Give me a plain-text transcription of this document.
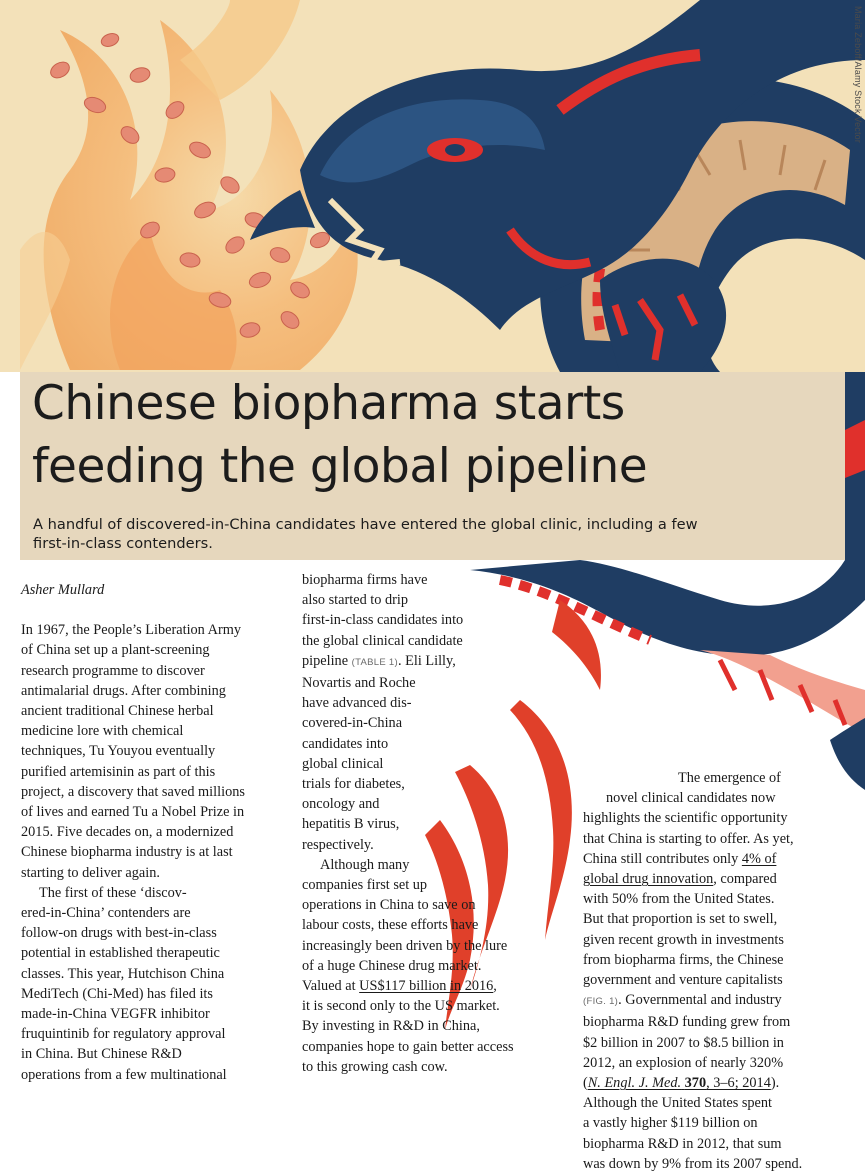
Maria Zeboff/Alamy Stock Vector
Chinese biopharma starts
feeding the global pipeline

A handful of discovered-in-China candidates have entered the global clinic, including a few
first-in-class contenders.

Asher Mullard

In 1967, the People’s Liberation Army
of China set up a plant-screening
research programme to discover
antimalarial drugs. After combining
ancient traditional Chinese herbal
medicine lore with chemical
techniques, Tu Youyou eventually
purified artemisinin as part of this
project, a discovery that saved millions
of lives and earned Tu a Nobel Prize in
2015. Five decades on, a modernized
Chinese biopharma industry is at last
starting to deliver again.

The first of these ‘discov-
ered-in-China’ contenders are
follow-on drugs with best-in-class
potential in established therapeutic
classes. This year, Hutchison China
MediTech (Chi-Med) has filed its
made-in-China VEGFR inhibitor
fruquintinib for regulatory approval
in China. But Chinese R&D
operations from a few multinational

biopharma firms have
also started to drip
first-in-class candidates into
the global clinical candidate
pipeline (TABLE 1). Eli Lilly,
Novartis and Roche
have advanced dis-
covered-in-China
candidates into
global clinical
trials for diabetes,
oncology and
hepatitis B virus,
respectively.

Although many
companies first set up
operations in China to save on
labour costs, these efforts have
increasingly been driven by the lure
of a huge Chinese drug market.
Valued at US$117 billion in 2016,
it is second only to the US market.
By investing in R&D in China,
companies hope to gain better access
to this growing cash cow.

The emergence of
novel clinical candidates now
highlights the scientific opportunity
that China is starting to offer. As yet,
China still contributes only 4% of
global drug innovation, compared
with 50% from the United States.
But that proportion is set to swell,
given recent growth in investments
from biopharma firms, the Chinese
government and venture capitalists
(FIG. 1). Governmental and industry
biopharma R&D funding grew from
$2 billion in 2007 to $8.5 billion in
2012, an explosion of nearly 320%
(N. Engl. J. Med. 370, 3–6; 2014).
Although the United States spent
a vastly higher $119 billion on
biopharma R&D in 2012, that sum
was down by 9% from its 2007 spend.
